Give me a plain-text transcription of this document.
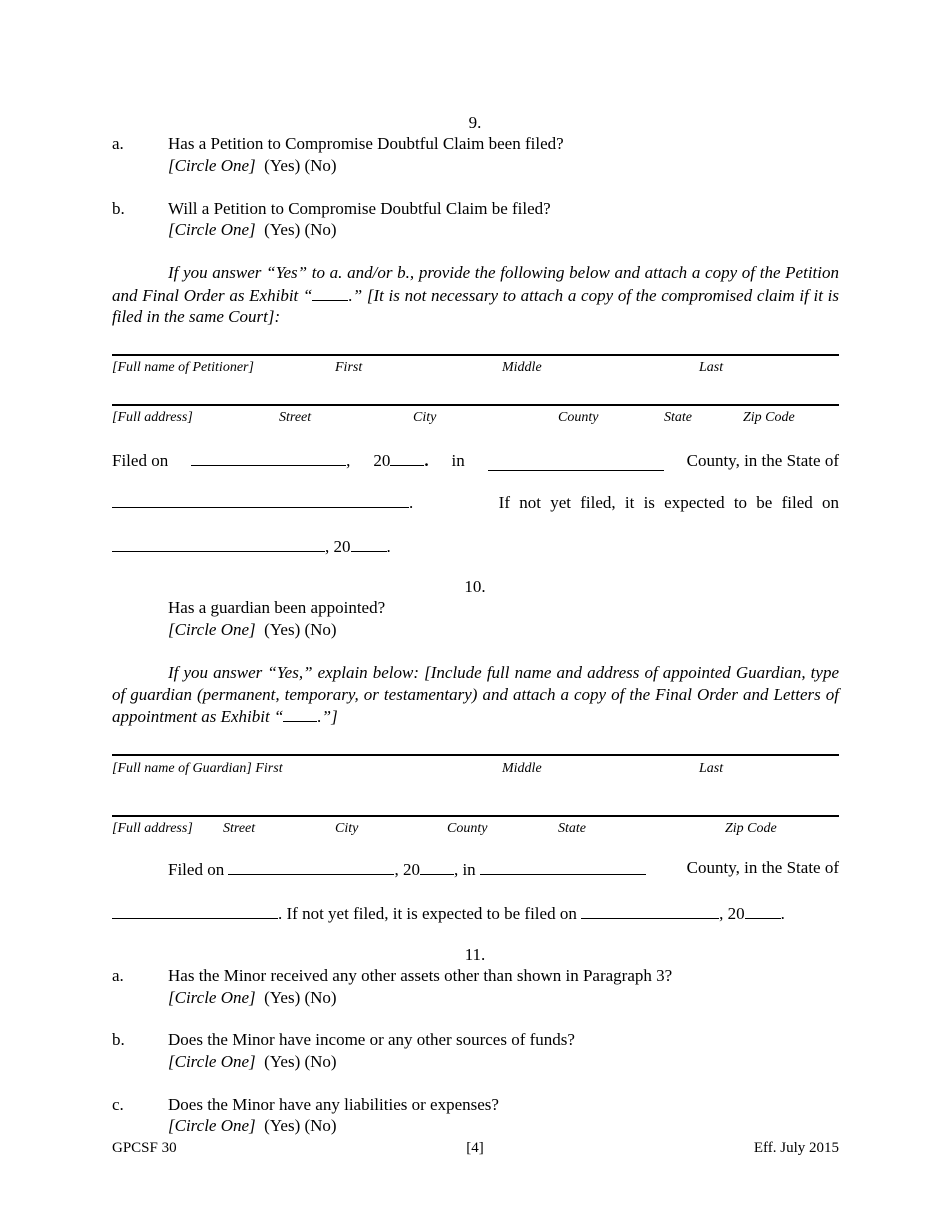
9.
a.	Has a Petition to Compromise Doubtful Claim been filed?
[Circle One] (Yes) (No)
b.	Will a Petition to Compromise Doubtful Claim be filed?
[Circle One] (Yes) (No)
If you answer “Yes” to a. and/or b., provide the following below and attach a copy of the Petition and Final Order as Exhibit “ .” [It is not necessary to attach a copy of the compromised claim if it is filed in the same Court]:
[Full name of Petitioner]	First	Middle	Last
[Full address]	Street	City	County	State	Zip Code
Filed on	, 20 . in	County, in the State of
.	If not yet filed, it is expected to be filed on
, 20 .
10.
Has a guardian been appointed?
[Circle One] (Yes) (No)
If you answer “Yes,” explain below: [Include full name and address of appointed Guardian, type of guardian (permanent, temporary, or testamentary) and attach a copy of the Final Order and Letters of appointment as Exhibit “ .”]
[Full name of Guardian] First	Middle	Last
[Full address] Street	City	County	State	Zip Code
Filed on	, 20 , in	County, in the State of
. If not yet filed, it is expected to be filed on	, 20 .
11.
a.	Has the Minor received any other assets other than shown in Paragraph 3?
[Circle One] (Yes) (No)
b.	Does the Minor have income or any other sources of funds?
[Circle One] (Yes) (No)
c.	Does the Minor have any liabilities or expenses?
[Circle One] (Yes) (No)
GPCSF 30	[4]	Eff. July 2015
